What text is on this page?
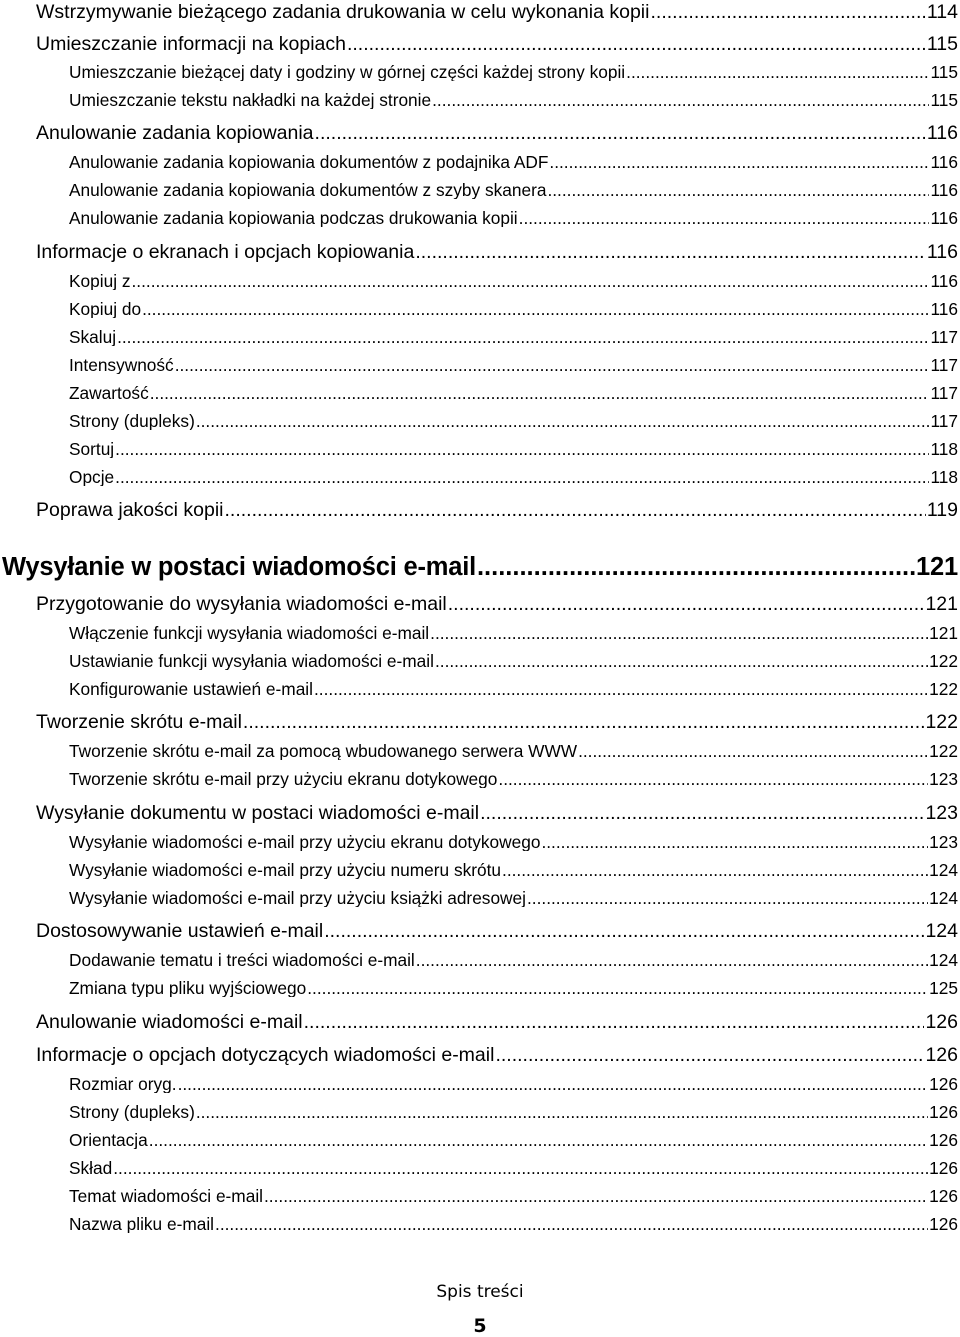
Wstrzymywanie bieżącego zadania drukowania w celu wykonania kopii .....	114
Umieszczanie informacji na kopiach .....	115
Umieszczanie bieżącej daty i godziny w górnej części każdej strony kopii .....	115
Umieszczanie tekstu nakładki na każdej stronie .....	115
Anulowanie zadania kopiowania .....	116
Anulowanie zadania kopiowania dokumentów z podajnika ADF .....	116
Anulowanie zadania kopiowania dokumentów z szyby skanera .....	116
Anulowanie zadania kopiowania podczas drukowania kopii .....	116
Informacje o ekranach i opcjach kopiowania .....	116
Kopiuj z .....	116
Kopiuj do .....	116
Skaluj .....	117
Intensywność .....	117
Zawartość .....	117
Strony (dupleks) .....	117
Sortuj .....	118
Opcje .....	118
Poprawa jakości kopii .....	119
Wysyłanie w postaci wiadomości e-mail .....	121
Przygotowanie do wysyłania wiadomości e-mail .....	121
Włączenie funkcji wysyłania wiadomości e-mail .....	121
Ustawianie funkcji wysyłania wiadomości e-mail .....	122
Konfigurowanie ustawień e-mail .....	122
Tworzenie skrótu e-mail .....	122
Tworzenie skrótu e-mail za pomocą wbudowanego serwera WWW .....	122
Tworzenie skrótu e-mail przy użyciu ekranu dotykowego .....	123
Wysyłanie dokumentu w postaci wiadomości e-mail .....	123
Wysyłanie wiadomości e-mail przy użyciu ekranu dotykowego .....	123
Wysyłanie wiadomości e-mail przy użyciu numeru skrótu .....	124
Wysyłanie wiadomości e-mail przy użyciu książki adresowej .....	124
Dostosowywanie ustawień e-mail .....	124
Dodawanie tematu i treści wiadomości e-mail .....	124
Zmiana typu pliku wyjściowego .....	125
Anulowanie wiadomości e-mail .....	126
Informacje o opcjach dotyczących wiadomości e-mail .....	126
Rozmiar oryg. .....	126
Strony (dupleks) .....	126
Orientacja .....	126
Skład .....	126
Temat wiadomości e-mail .....	126
Nazwa pliku e-mail .....	126
Spis treści
5
